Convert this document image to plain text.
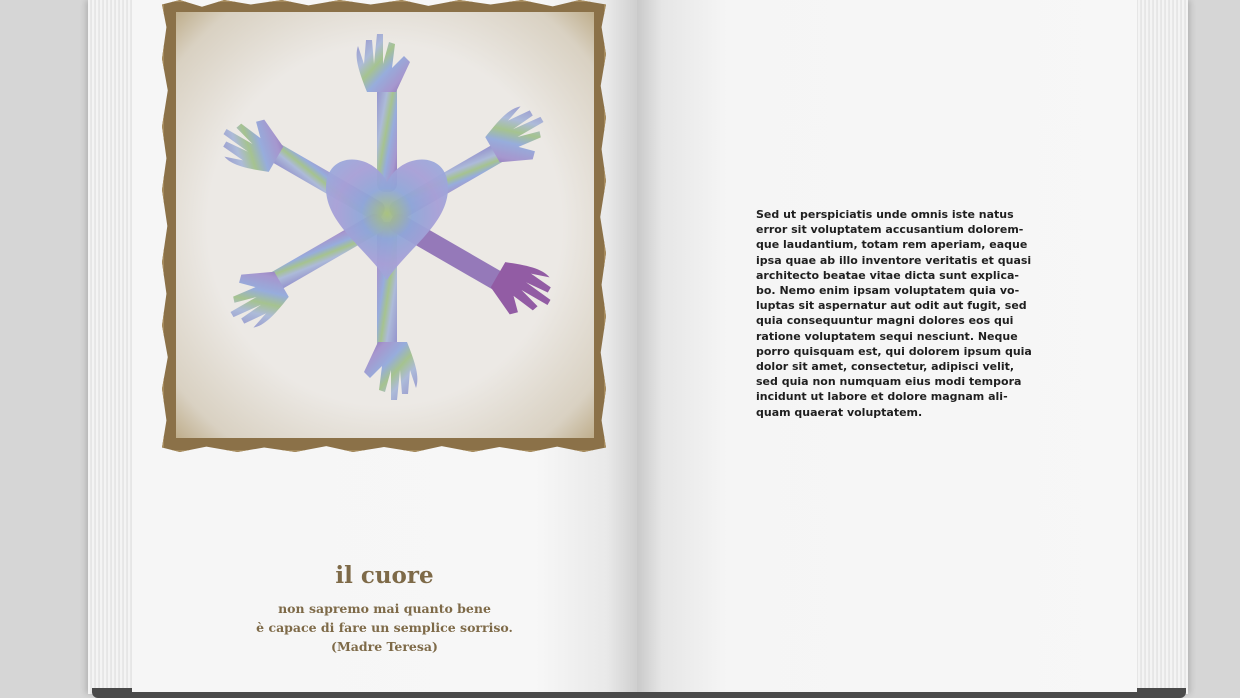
il cuore
non sapremo mai quanto bene
è capace di fare un semplice sorriso.
(Madre Teresa)
Sed ut perspiciatis unde omnis iste natus
error sit voluptatem accusantium dolorem-
que laudantium, totam rem aperiam, eaque
ipsa quae ab illo inventore veritatis et quasi
architecto beatae vitae dicta sunt explica-
bo. Nemo enim ipsam voluptatem quia vo-
luptas sit aspernatur aut odit aut fugit, sed
quia consequuntur magni dolores eos qui
ratione voluptatem sequi nesciunt. Neque
porro quisquam est, qui dolorem ipsum quia
dolor sit amet, consectetur, adipisci velit,
sed quia non numquam eius modi tempora
incidunt ut labore et dolore magnam ali-
quam quaerat voluptatem.
